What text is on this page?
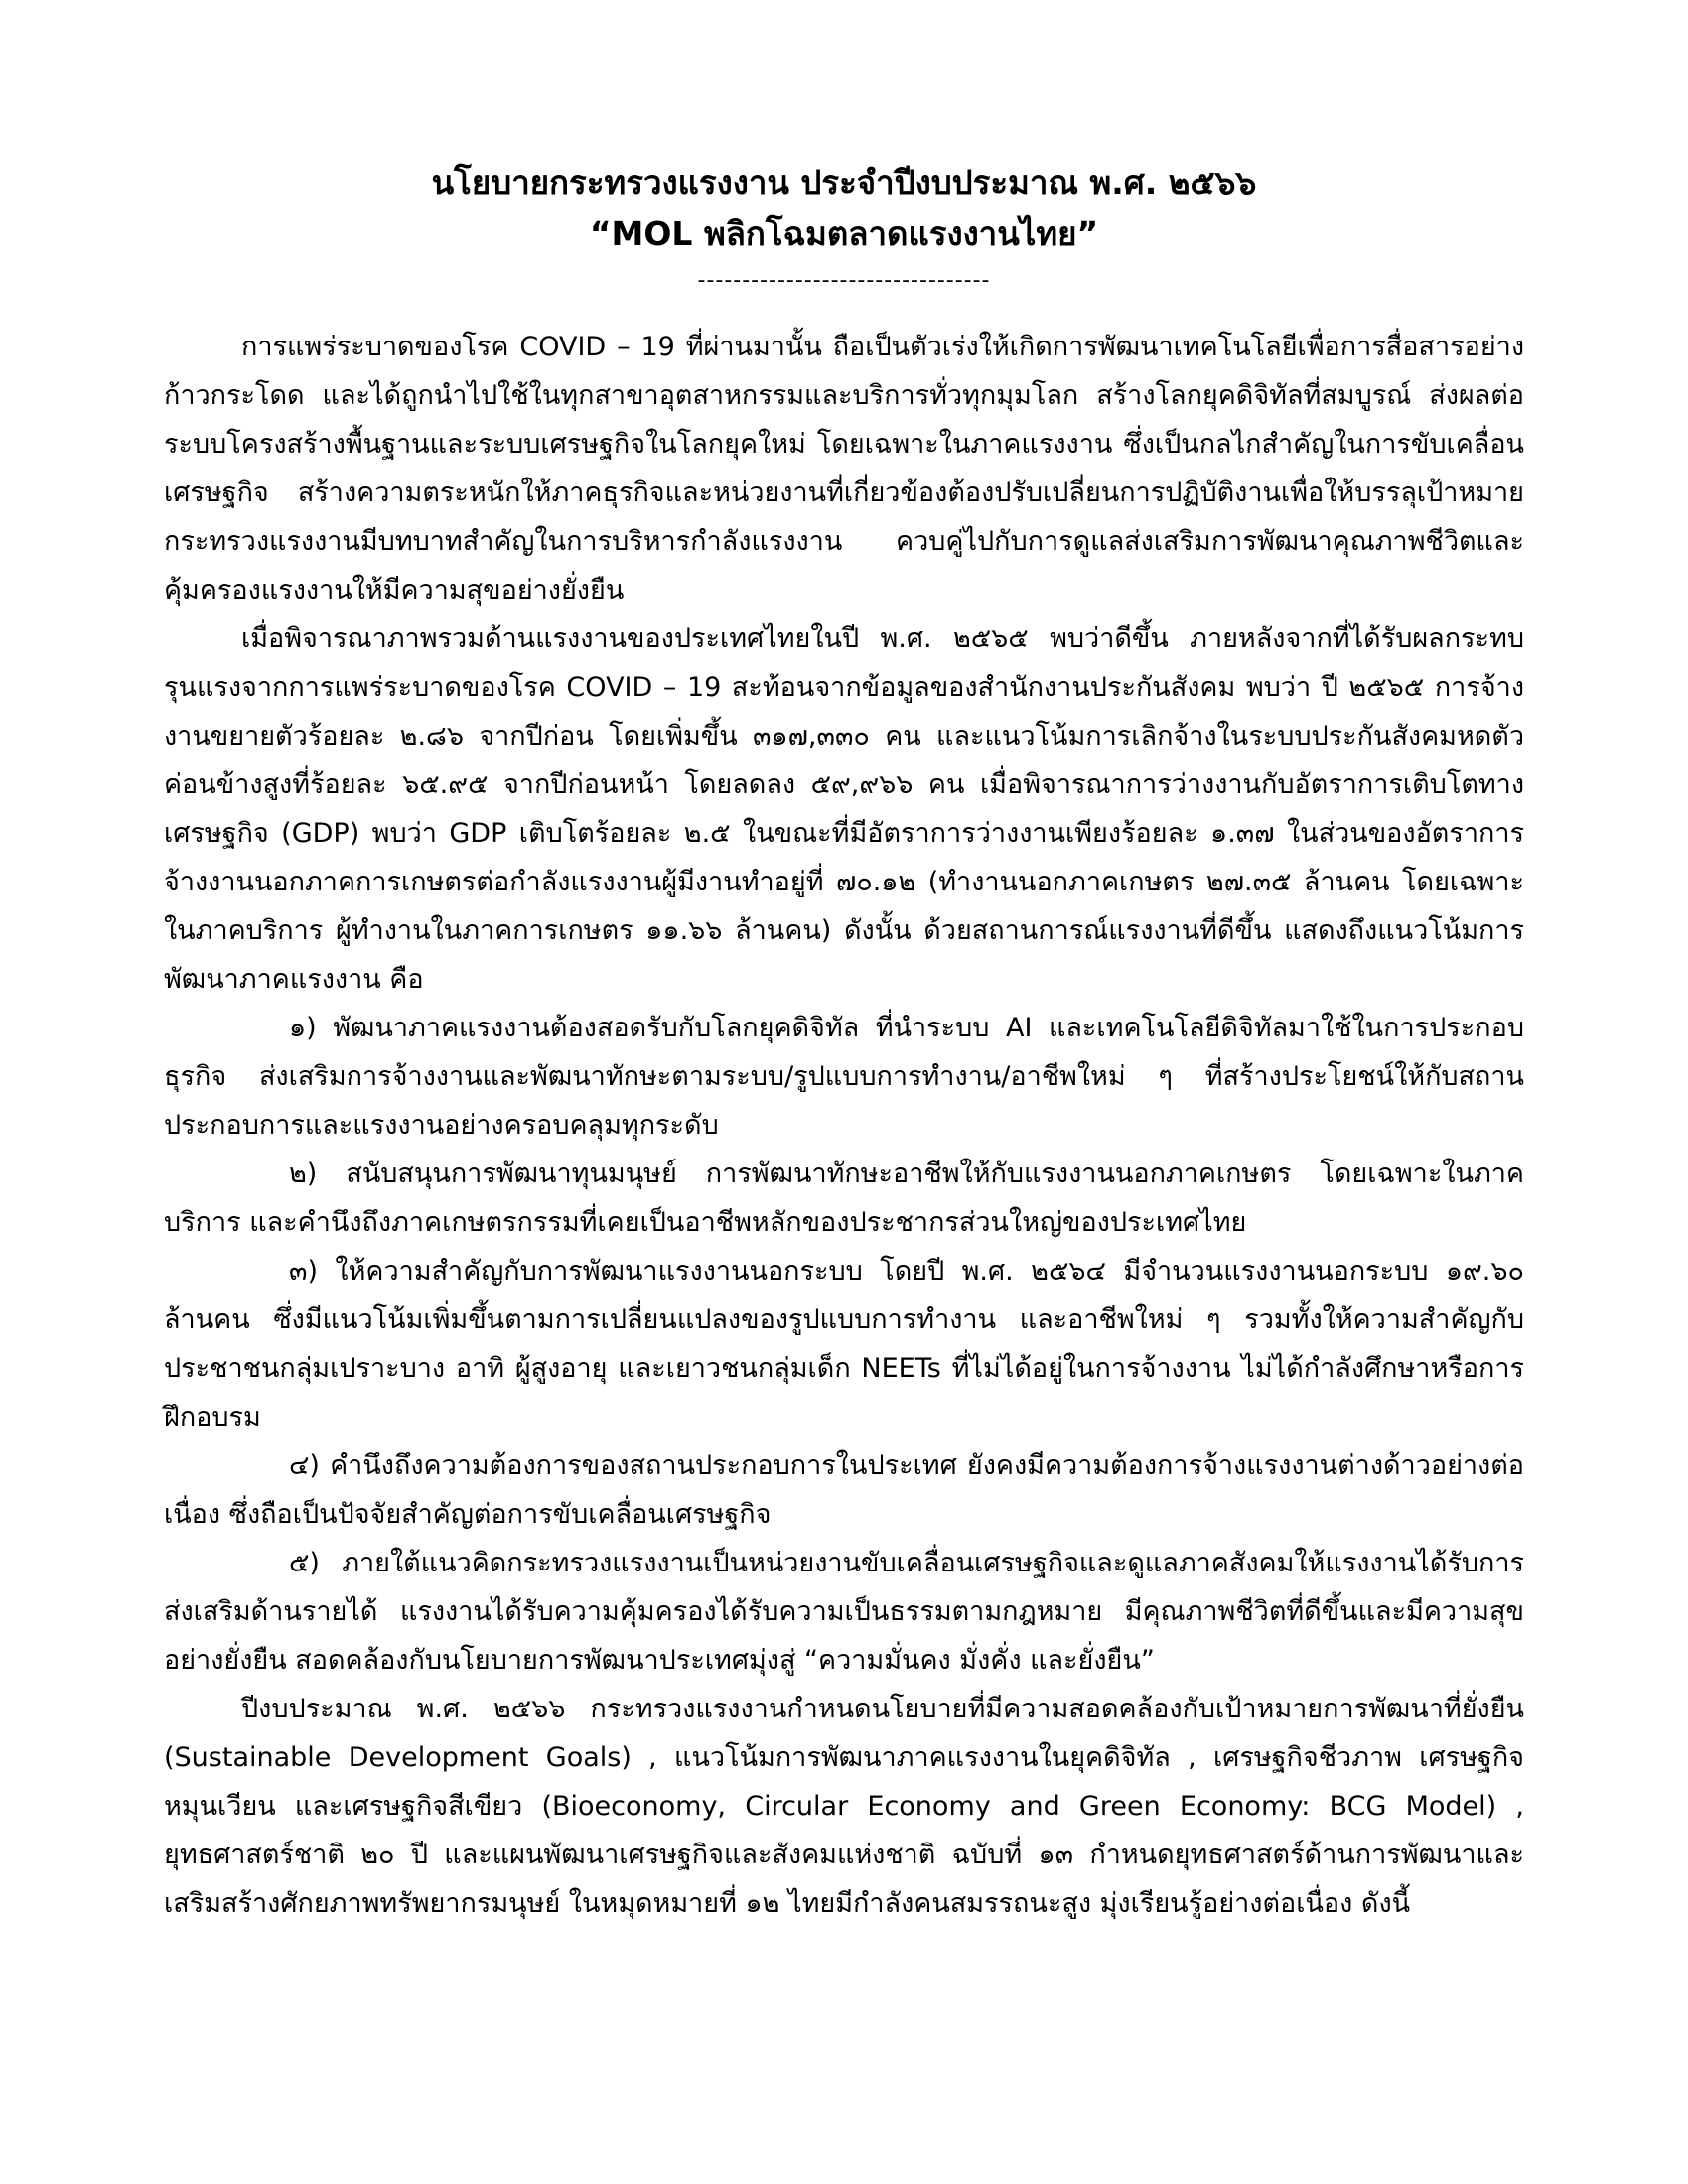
นโยบายกระทรวงแรงงาน ประจำปีงบประมาณ พ.ศ. ๒๕๖๖

“MOL พลิกโฉมตลาดแรงงานไทย”

---------------------------------

การแพร่ระบาดของโรค COVID – 19 ที่ผ่านมานั้น ถือเป็นตัวเร่งให้เกิดการพัฒนาเทคโนโลยีเพื่อการสื่อสารอย่างก้าวกระโดด และได้ถูกนำไปใช้ในทุกสาขาอุตสาหกรรมและบริการทั่วทุกมุมโลก สร้างโลกยุคดิจิทัลที่สมบูรณ์ ส่งผลต่อระบบโครงสร้างพื้นฐานและระบบเศรษฐกิจในโลกยุคใหม่ โดยเฉพาะในภาคแรงงาน ซึ่งเป็นกลไกสำคัญในการขับเคลื่อนเศรษฐกิจ สร้างความตระหนักให้ภาคธุรกิจและหน่วยงานที่เกี่ยวข้องต้องปรับเปลี่ยนการปฏิบัติงานเพื่อให้บรรลุเป้าหมาย กระทรวงแรงงานมีบทบาทสำคัญในการบริหารกำลังแรงงาน ควบคู่ไปกับการดูแลส่งเสริมการพัฒนาคุณภาพชีวิตและคุ้มครองแรงงานให้มีความสุขอย่างยั่งยืน

เมื่อพิจารณาภาพรวมด้านแรงงานของประเทศไทยในปี พ.ศ. ๒๕๖๕ พบว่าดีขึ้น ภายหลังจากที่ได้รับผลกระทบรุนแรงจากการแพร่ระบาดของโรค COVID – 19 สะท้อนจากข้อมูลของสำนักงานประกันสังคม พบว่า ปี ๒๕๖๕ การจ้างงานขยายตัวร้อยละ ๒.๘๖ จากปีก่อน โดยเพิ่มขึ้น ๓๑๗,๓๓๐ คน และแนวโน้มการเลิกจ้างในระบบประกันสังคมหดตัวค่อนข้างสูงที่ร้อยละ ๖๕.๙๕ จากปีก่อนหน้า โดยลดลง ๕๙,๙๖๖ คน เมื่อพิจารณาการว่างงานกับอัตราการเติบโตทางเศรษฐกิจ (GDP) พบว่า GDP เติบโตร้อยละ ๒.๕ ในขณะที่มีอัตราการว่างงานเพียงร้อยละ ๑.๓๗ ในส่วนของอัตราการจ้างงานนอกภาคการเกษตรต่อกำลังแรงงานผู้มีงานทำอยู่ที่ ๗๐.๑๒ (ทำงานนอกภาคเกษตร ๒๗.๓๕ ล้านคน โดยเฉพาะในภาคบริการ ผู้ทำงานในภาคการเกษตร ๑๑.๖๖ ล้านคน) ดังนั้น ด้วยสถานการณ์แรงงานที่ดีขึ้น แสดงถึงแนวโน้มการพัฒนาภาคแรงงาน คือ

๑) พัฒนาภาคแรงงานต้องสอดรับกับโลกยุคดิจิทัล ที่นำระบบ AI และเทคโนโลยีดิจิทัลมาใช้ในการประกอบธุรกิจ ส่งเสริมการจ้างงานและพัฒนาทักษะตามระบบ/รูปแบบการทำงาน/อาชีพใหม่ ๆ ที่สร้างประโยชน์ให้กับสถานประกอบการและแรงงานอย่างครอบคลุมทุกระดับ

๒) สนับสนุนการพัฒนาทุนมนุษย์ การพัฒนาทักษะอาชีพให้กับแรงงานนอกภาคเกษตร โดยเฉพาะในภาคบริการ และคำนึงถึงภาคเกษตรกรรมที่เคยเป็นอาชีพหลักของประชากรส่วนใหญ่ของประเทศไทย

๓) ให้ความสำคัญกับการพัฒนาแรงงานนอกระบบ โดยปี พ.ศ. ๒๕๖๔ มีจำนวนแรงงานนอกระบบ ๑๙.๖๐ ล้านคน ซึ่งมีแนวโน้มเพิ่มขึ้นตามการเปลี่ยนแปลงของรูปแบบการทำงาน และอาชีพใหม่ ๆ รวมทั้งให้ความสำคัญกับประชาชนกลุ่มเปราะบาง อาทิ ผู้สูงอายุ และเยาวชนกลุ่มเด็ก NEETs ที่ไม่ได้อยู่ในการจ้างงาน ไม่ได้กำลังศึกษาหรือการฝึกอบรม

๔) คำนึงถึงความต้องการของสถานประกอบการในประเทศ ยังคงมีความต้องการจ้างแรงงานต่างด้าวอย่างต่อเนื่อง ซึ่งถือเป็นปัจจัยสำคัญต่อการขับเคลื่อนเศรษฐกิจ

๕) ภายใต้แนวคิดกระทรวงแรงงานเป็นหน่วยงานขับเคลื่อนเศรษฐกิจและดูแลภาคสังคมให้แรงงานได้รับการส่งเสริมด้านรายได้ แรงงานได้รับความคุ้มครองได้รับความเป็นธรรมตามกฎหมาย มีคุณภาพชีวิตที่ดีขึ้นและมีความสุขอย่างยั่งยืน สอดคล้องกับนโยบายการพัฒนาประเทศมุ่งสู่ “ความมั่นคง มั่งคั่ง และยั่งยืน”

ปีงบประมาณ พ.ศ. ๒๕๖๖ กระทรวงแรงงานกำหนดนโยบายที่มีความสอดคล้องกับเป้าหมายการพัฒนาที่ยั่งยืน (Sustainable Development Goals) , แนวโน้มการพัฒนาภาคแรงงานในยุคดิจิทัล , เศรษฐกิจชีวภาพ เศรษฐกิจหมุนเวียน และเศรษฐกิจสีเขียว (Bioeconomy, Circular Economy and Green Economy: BCG Model) , ยุทธศาสตร์ชาติ ๒๐ ปี และแผนพัฒนาเศรษฐกิจและสังคมแห่งชาติ ฉบับที่ ๑๓ กำหนดยุทธศาสตร์ด้านการพัฒนาและเสริมสร้างศักยภาพทรัพยากรมนุษย์ ในหมุดหมายที่ ๑๒ ไทยมีกำลังคนสมรรถนะสูง มุ่งเรียนรู้อย่างต่อเนื่อง ดังนี้
